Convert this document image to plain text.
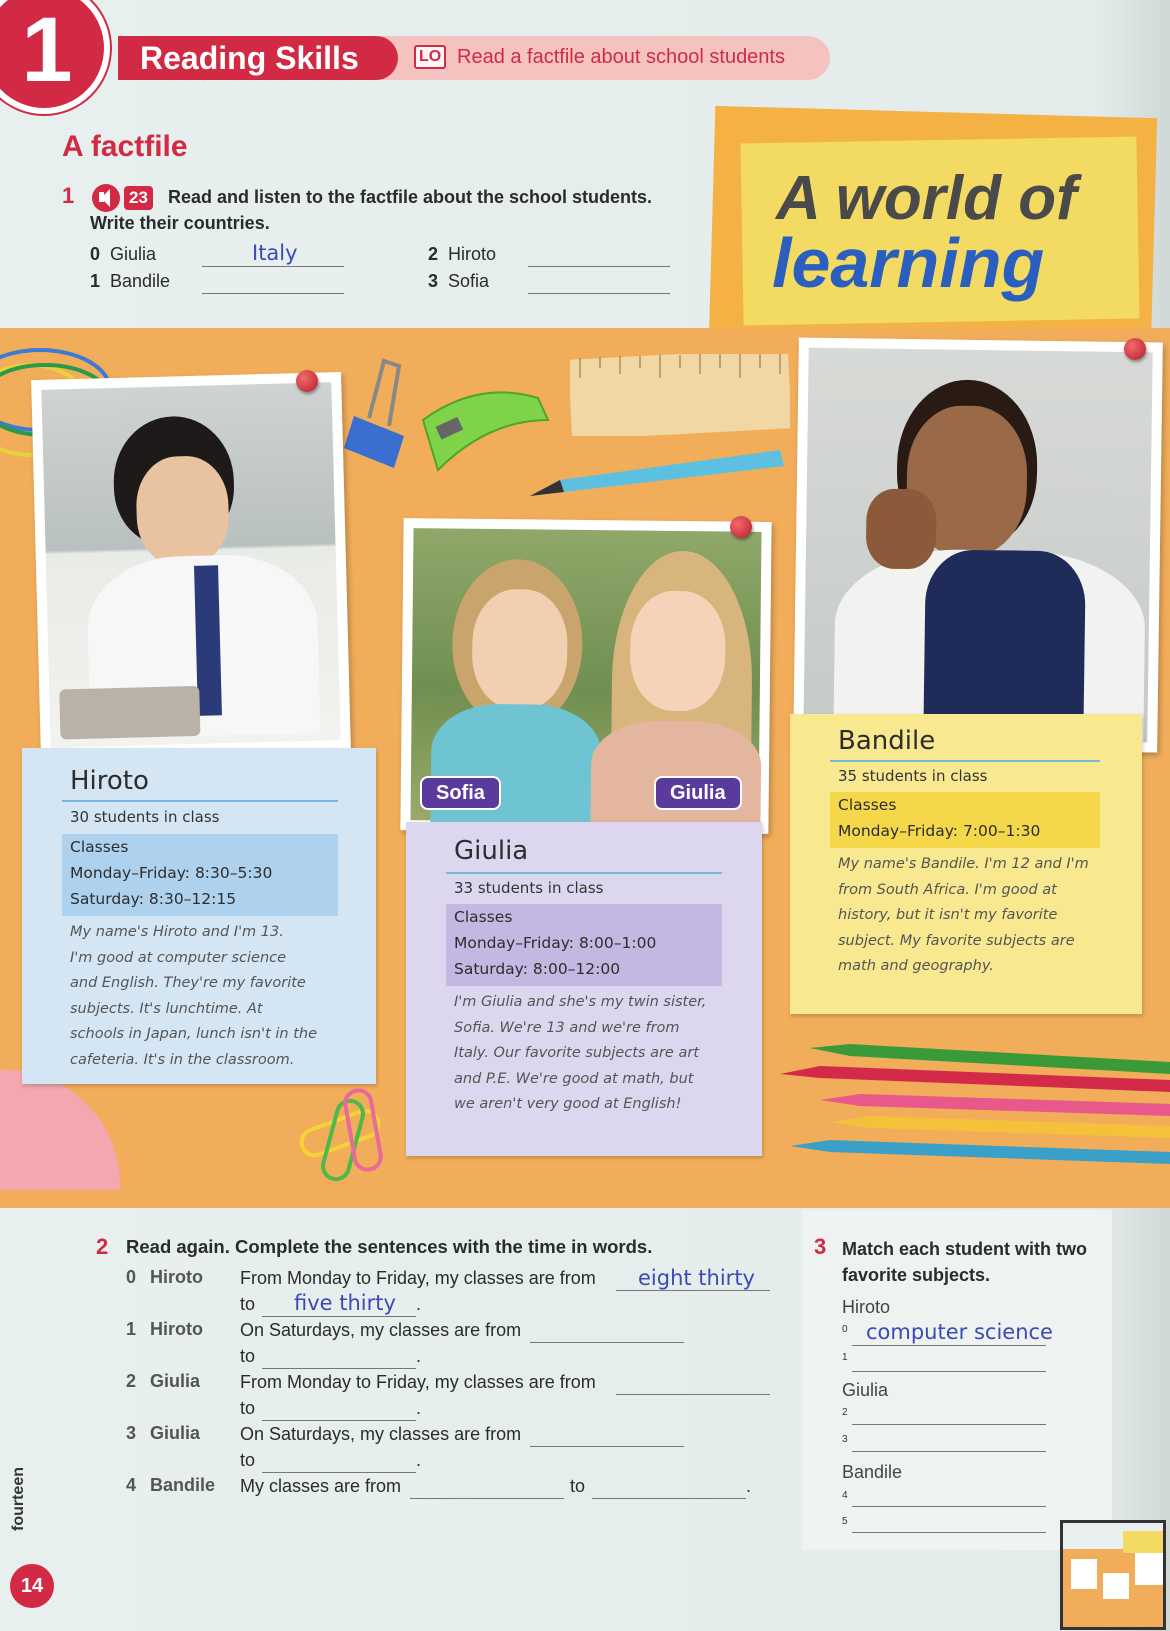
1 Reading Skills	LO Read a factfile about school students
A factfile
1	23 Read and listen to the factfile about the school students.
Write their countries.
0 Giulia	Italy
1 Bandile
2 Hiroto
3 Sofia
A world of
learning
Sofia	Giulia
Hiroto
30 students in class
Classes
Monday–Friday: 8:30–5:30
Saturday: 8:30–12:15
My name's Hiroto and I'm 13.
I'm good at computer science
and English. They're my favorite
subjects. It's lunchtime. At
schools in Japan, lunch isn't in the
cafeteria. It's in the classroom.
Giulia
33 students in class
Classes
Monday–Friday: 8:00–1:00
Saturday: 8:00–12:00
I'm Giulia and she's my twin sister,
Sofia. We're 13 and we're from
Italy. Our favorite subjects are art
and P.E. We're good at math, but
we aren't very good at English!
Bandile
35 students in class
Classes
Monday–Friday: 7:00–1:30
My name's Bandile. I'm 12 and I'm
from South Africa. I'm good at
history, but it isn't my favorite
subject. My favorite subjects are
math and geography.
2 Read again. Complete the sentences with the time in words.
0 Hiroto From Monday to Friday, my classes are from eight thirty
to five thirty .
1 Hiroto On Saturdays, my classes are from
to	.
2 Giulia From Monday to Friday, my classes are from
to	.
3 Giulia On Saturdays, my classes are from
to	.
4 Bandile My classes are from	to	.
3 Match each student with two favorite subjects.
Hiroto
0 computer science
1
Giulia
2
3
Bandile
4
5
fourteen
14
